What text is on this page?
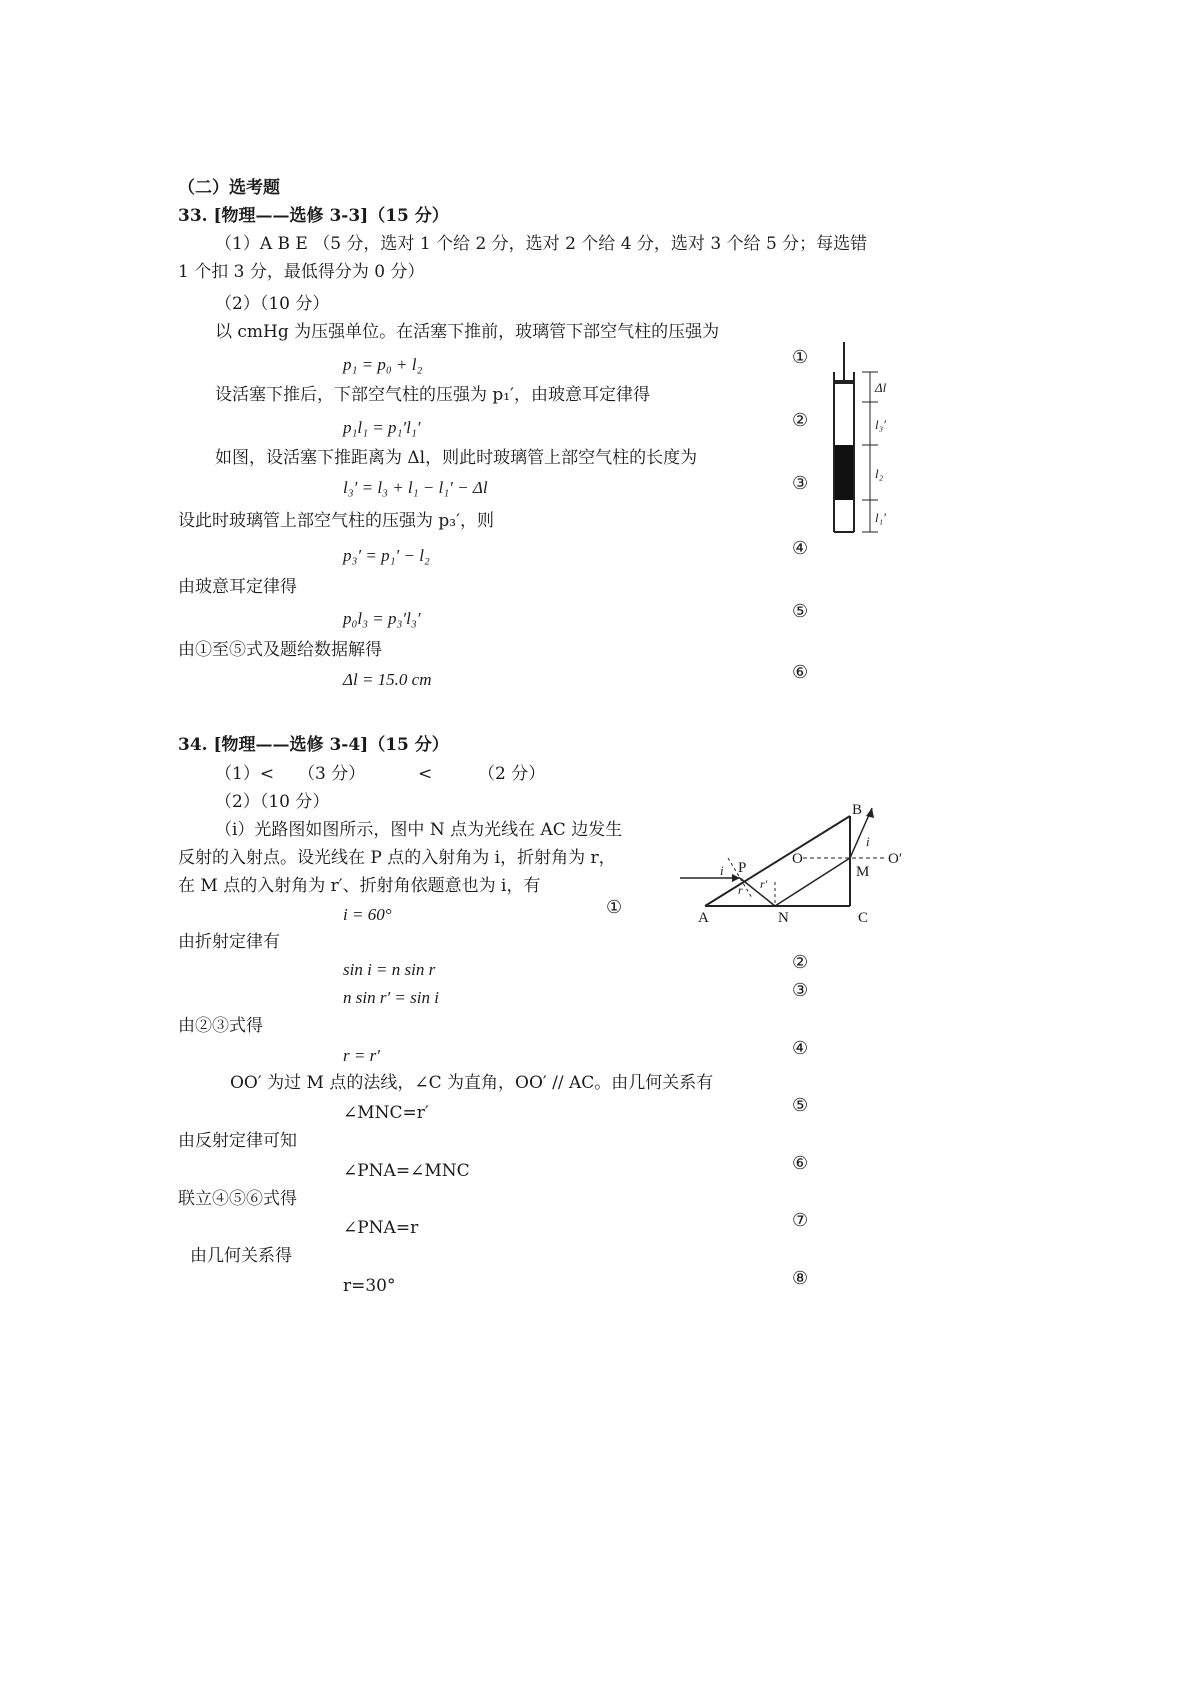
（二）选考题
33. [物理——选修 3-3]（15 分）
（1）A B E （5 分，选对 1 个给 2 分，选对 2 个给 4 分，选对 3 个给 5 分；每选错
1 个扣 3 分，最低得分为 0 分）
（2）（10 分）
以 cmHg 为压强单位。在活塞下推前，玻璃管下部空气柱的压强为
p₁ = p₀ + l₂	①
设活塞下推后，下部空气柱的压强为 p₁′，由玻意耳定律得
p₁l₁ = p₁′l₁′	②
如图，设活塞下推距离为 Δl，则此时玻璃管上部空气柱的长度为
l₃′ = l₃ + l₁ − l₁′ − Δl	③
设此时玻璃管上部空气柱的压强为 p₃′，则
p₃′ = p₁′ − l₂	④
由玻意耳定律得
p₀l₃ = p₃′l₃′	⑤
由①至⑤式及题给数据解得
Δl = 15.0 cm	⑥
Δl
l₃′
l₂
l₁′
34. [物理——选修 3-4]（15 分）
（1）< （3 分）	<	（2 分）
（2）（10 分）
（i）光路图如图所示，图中 N 点为光线在 AC 边发生
反射的入射点。设光线在 P 点的入射角为 i，折射角为 r，
在 M 点的入射角为 r′、折射角依题意也为 i，有
i = 60°	①	A
B
C
N
M
P
O	O′
i
i
r r′
由折射定律有
sin i = n sin r	②
n sin r′ = sin i	③
由②③式得
r = r′	④
OO′ 为过 M 点的法线，∠C 为直角，OO′ // AC。由几何关系有
∠MNC=r′	⑤
由反射定律可知
∠PNA=∠MNC	⑥
联立④⑤⑥式得
∠PNA=r	⑦
由几何关系得
r=30°	⑧
